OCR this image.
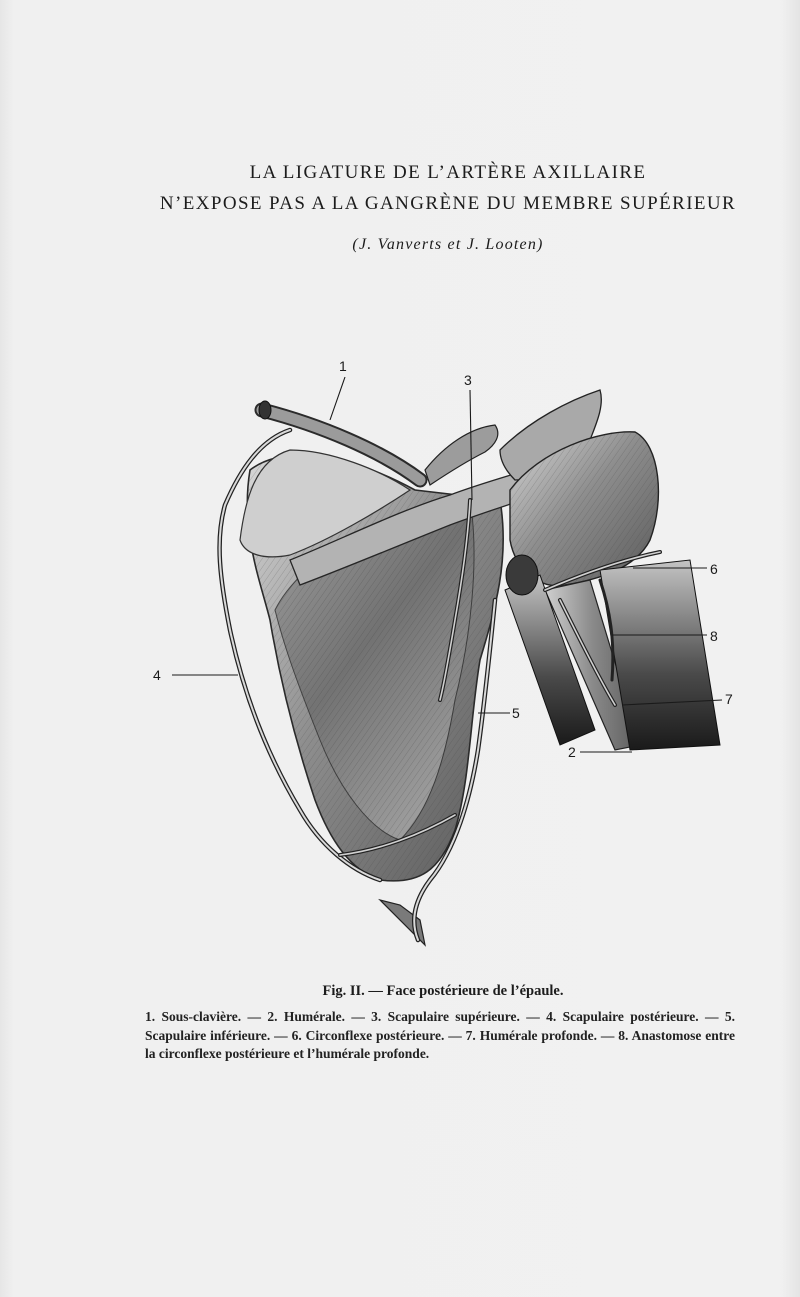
LA LIGATURE DE L’ARTÈRE AXILLAIRE
N’EXPOSE PAS A LA GANGRÈNE DU MEMBRE SUPÉRIEUR
(J. Vanverts et J. Looten)
1
3
6
8
4
5
7
2
Fig. II. — Face postérieure de l’épaule.
1. Sous-clavière. — 2. Humérale. — 3. Scapulaire supérieure. — 4. Scapulaire postérieure. — 5. Scapulaire inférieure. — 6. Circonflexe postérieure. — 7. Humérale profonde. — 8. Anastomose entre la circonflexe postérieure et l’humérale profonde.
